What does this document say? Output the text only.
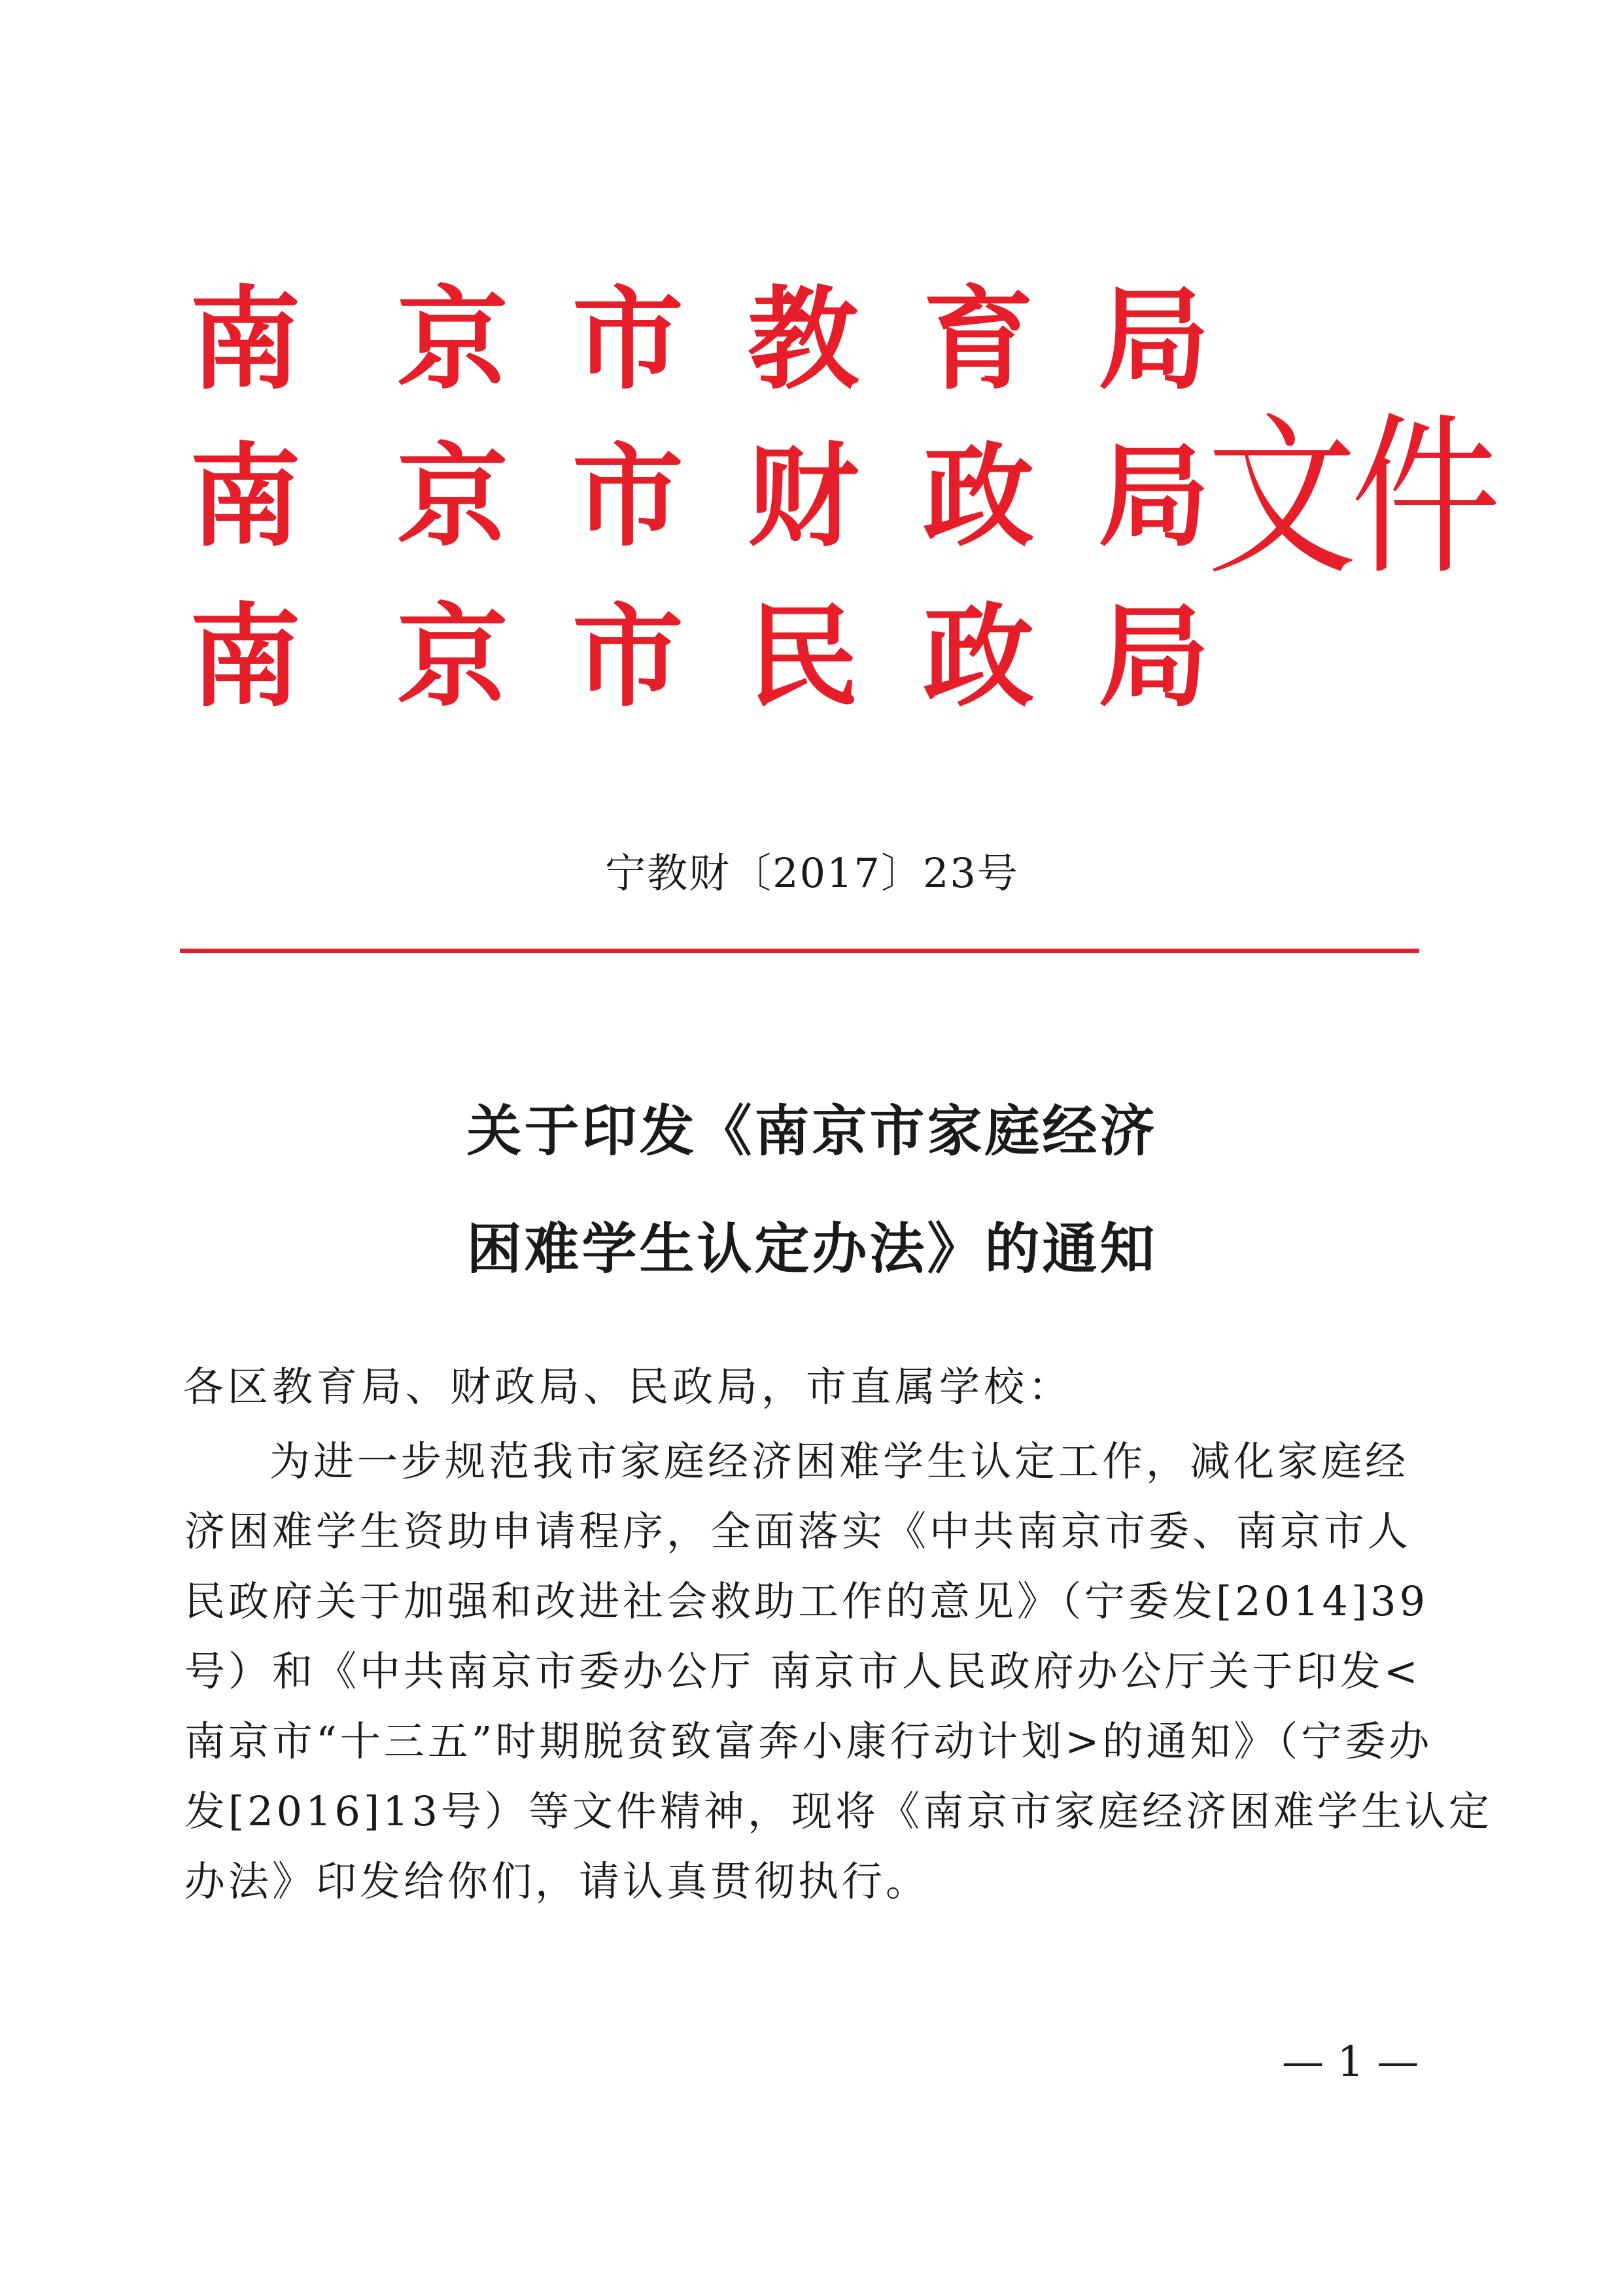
南 京 市 教 育 局
南 京 市 财 政 局
南 京 市 民 政 局
文件
宁教财〔2017〕23号
关于印发《南京市家庭经济
困难学生认定办法》的通知
各区教育局、财政局、民政局，市直属学校：
为进一步规范我市家庭经济困难学生认定工作，减化家庭经
济困难学生资助申请程序，全面落实《中共南京市委、南京市人
民政府关于加强和改进社会救助工作的意见》（宁委发[2014]39
号）和《中共南京市委办公厅 南京市人民政府办公厅关于印发<
南京市“十三五”时期脱贫致富奔小康行动计划>的通知》（宁委办
发[2016]13号）等文件精神，现将《南京市家庭经济困难学生认定
办法》印发给你们，请认真贯彻执行。
— 1 —
